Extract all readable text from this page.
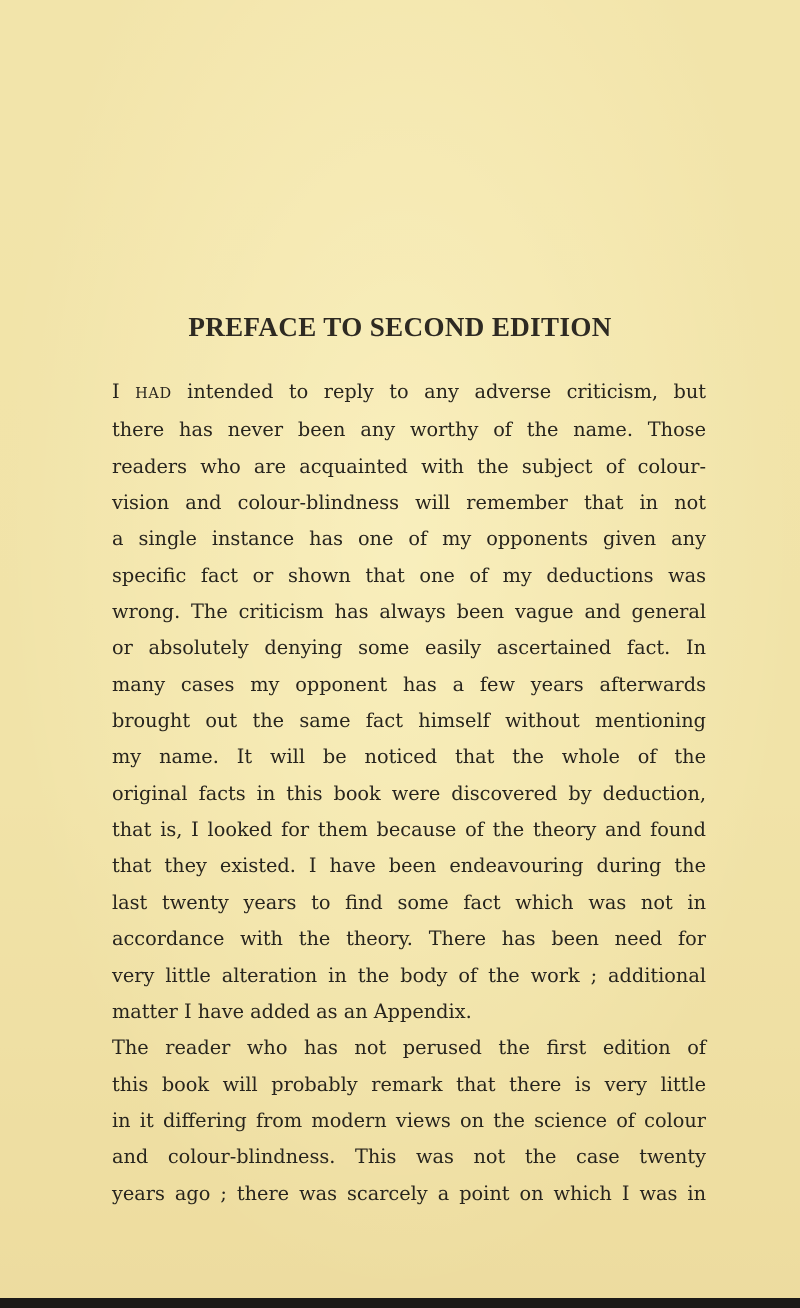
PREFACE TO SECOND EDITION
I HAD intended to reply to any adverse criticism, but
there has never been any worthy of the name. Those
readers who are acquainted with the subject of colour-
vision and colour-blindness will remember that in not
a single instance has one of my opponents given any
specific fact or shown that one of my deductions was
wrong. The criticism has always been vague and general
or absolutely denying some easily ascertained fact. In
many cases my opponent has a few years afterwards
brought out the same fact himself without mentioning
my name. It will be noticed that the whole of the
original facts in this book were discovered by deduction,
that is, I looked for them because of the theory and found
that they existed. I have been endeavouring during the
last twenty years to find some fact which was not in
accordance with the theory. There has been need for
very little alteration in the body of the work ; additional
matter I have added as an Appendix.
The reader who has not perused the first edition of
this book will probably remark that there is very little
in it differing from modern views on the science of colour
and colour-blindness. This was not the case twenty
years ago ; there was scarcely a point on which I was in
